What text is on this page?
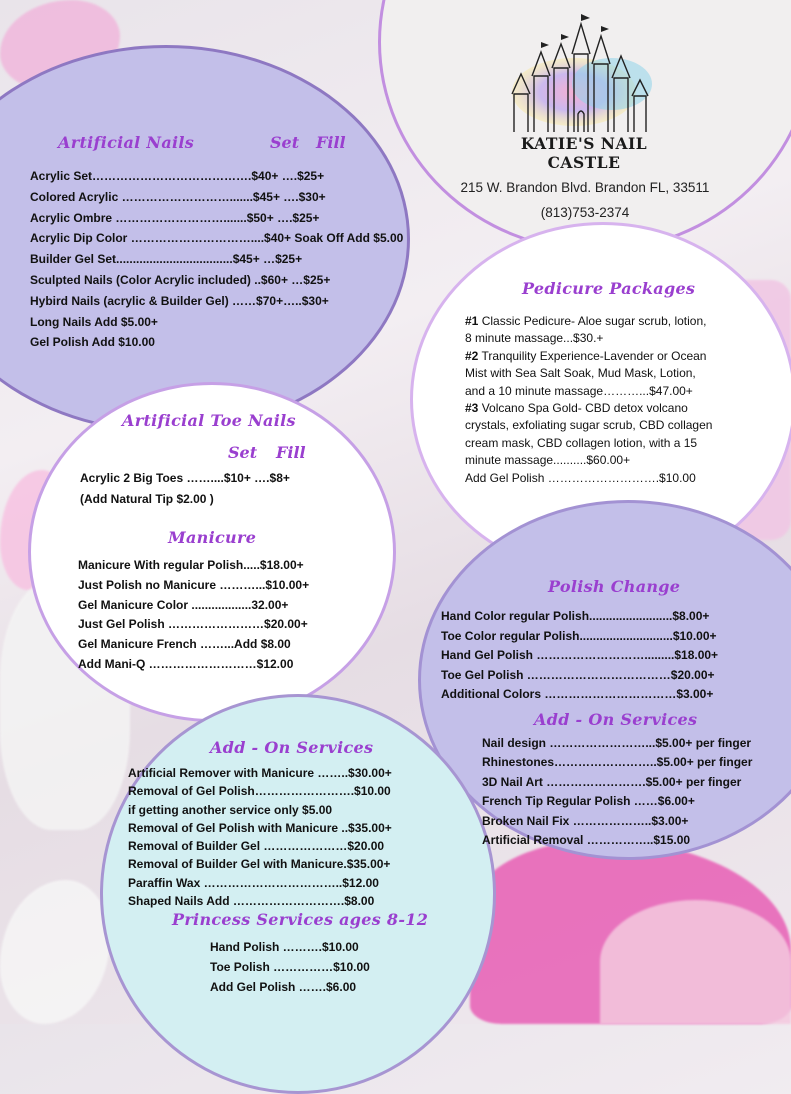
KATIE'S NAIL CASTLE
215 W. Brandon Blvd. Brandon FL, 33511
(813)753-2374
Artificial Nails	Set Fill
Acrylic Set………………………………….$40+ ….$25+
Colored Acrylic ……………………….......$45+ ….$30+
Acrylic Ombre ……………………….......$50+ ….$25+
Acrylic Dip Color …………………………....$40+ Soak Off Add $5.00
Builder Gel Set...................................$45+ …$25+
Sculpted Nails (Color Acrylic included) ..$60+ …$25+
Hybird Nails (acrylic & Builder Gel) ……$70+…..$30+
Long Nails Add $5.00+
Gel Polish Add $10.00
Pedicure Packages
#1 Classic Pedicure- Aloe sugar scrub, lotion,
8 minute massage...$30.+
#2 Tranquility Experience-Lavender or Ocean
Mist with Sea Salt Soak, Mud Mask, Lotion,
and a 10 minute massage………...$47.00+
#3 Volcano Spa Gold- CBD detox volcano
crystals, exfoliating sugar scrub, CBD collagen
cream mask, CBD collagen lotion, with a 15
minute massage..........$60.00+
Add Gel Polish ……………………….$10.00
Artificial Toe Nails
Set Fill
Acrylic 2 Big Toes ……....$10+ ….$8+
(Add Natural Tip $2.00 )
Manicure
Manicure With regular Polish.....$18.00+
Just Polish no Manicure ………...$10.00+
Gel Manicure Color ..................32.00+
Just Gel Polish ……………………$20.00+
Gel Manicure French ……...Add $8.00
Add Mani-Q ………………………$12.00
Polish Change
Hand Color regular Polish.........................$8.00+
Toe Color regular Polish............................$10.00+
Hand Gel Polish ……………………….........$18.00+
Toe Gel Polish ………………………………$20.00+
Additional Colors ……………………………$3.00+
Add - On Services
Nail design ……………………...$5.00+ per finger
Rhinestones……………………..$5.00+ per finger
3D Nail Art …………………….$5.00+ per finger
French Tip Regular Polish ……$6.00+
Broken Nail Fix ………………..$3.00+
Artificial Removal ……………..$15.00
Add - On Services
Artificial Remover with Manicure ……..$30.00+
Removal of Gel Polish…………………….$10.00
if getting another service only $5.00
Removal of Gel Polish with Manicure ..$35.00+
Removal of Builder Gel …………………$20.00
Removal of Builder Gel with Manicure.$35.00+
Paraffin Wax ……………………………..$12.00
Shaped Nails Add ……………………….$8.00
Princess Services ages 8-12
Hand Polish ……….$10.00
Toe Polish ……………$10.00
Add Gel Polish …….$6.00
